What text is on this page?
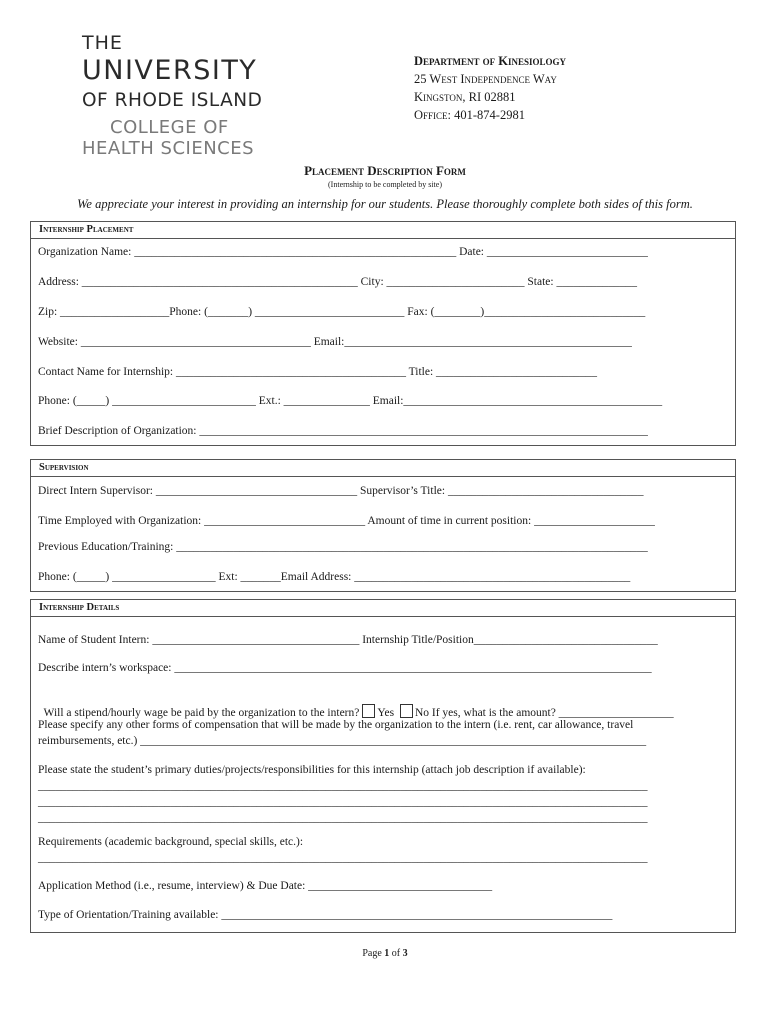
THE
UNIVERSITY
OF RHODE ISLAND
COLLEGE OF
HEALTH SCIENCES
Department of Kinesiology
25 West Independence Way
Kingston, RI 02881
Office: 401-874-2981
Placement Description Form
(Internship to be completed by site)
We appreciate your interest in providing an internship for our students. Please thoroughly complete both sides of this form.
Internship Placement
Organization Name: ________________________________________________________ Date: ____________________________
Address: ________________________________________________ City: ________________________ State: ______________
Zip: ___________________Phone: (_______) __________________________ Fax: (________)____________________________
Website: ________________________________________ Email:__________________________________________________
Contact Name for Internship: ________________________________________ Title: ____________________________
Phone: (_____) _________________________ Ext.: _______________ Email:_____________________________________________
Brief Description of Organization: ______________________________________________________________________________
Supervision
Direct Intern Supervisor: ___________________________________ Supervisor’s Title: __________________________________
Time Employed with Organization: ____________________________ Amount of time in current position: _____________________
Previous Education/Training: __________________________________________________________________________________
Phone: (_____) __________________ Ext: _______Email Address: ________________________________________________
Internship Details
Name of Student Intern: ____________________________________ Internship Title/Position________________________________
Describe intern’s workspace: ___________________________________________________________________________________

Will a stipend/hourly wage be paid by the organization to the intern? Yes No If yes, what is the amount? ____________________

Please specify any other forms of compensation that will be made by the organization to the intern (i.e. rent, car allowance, travel
reimbursements, etc.) ________________________________________________________________________________________
Please state the student’s primary duties/projects/responsibilities for this internship (attach job description if available):
__________________________________________________________________________________________________________
__________________________________________________________________________________________________________
__________________________________________________________________________________________________________
Requirements (academic background, special skills, etc.):
__________________________________________________________________________________________________________
Application Method (i.e., resume, interview) & Due Date: ________________________________
Type of Orientation/Training available: ____________________________________________________________________
Page 1 of 3
